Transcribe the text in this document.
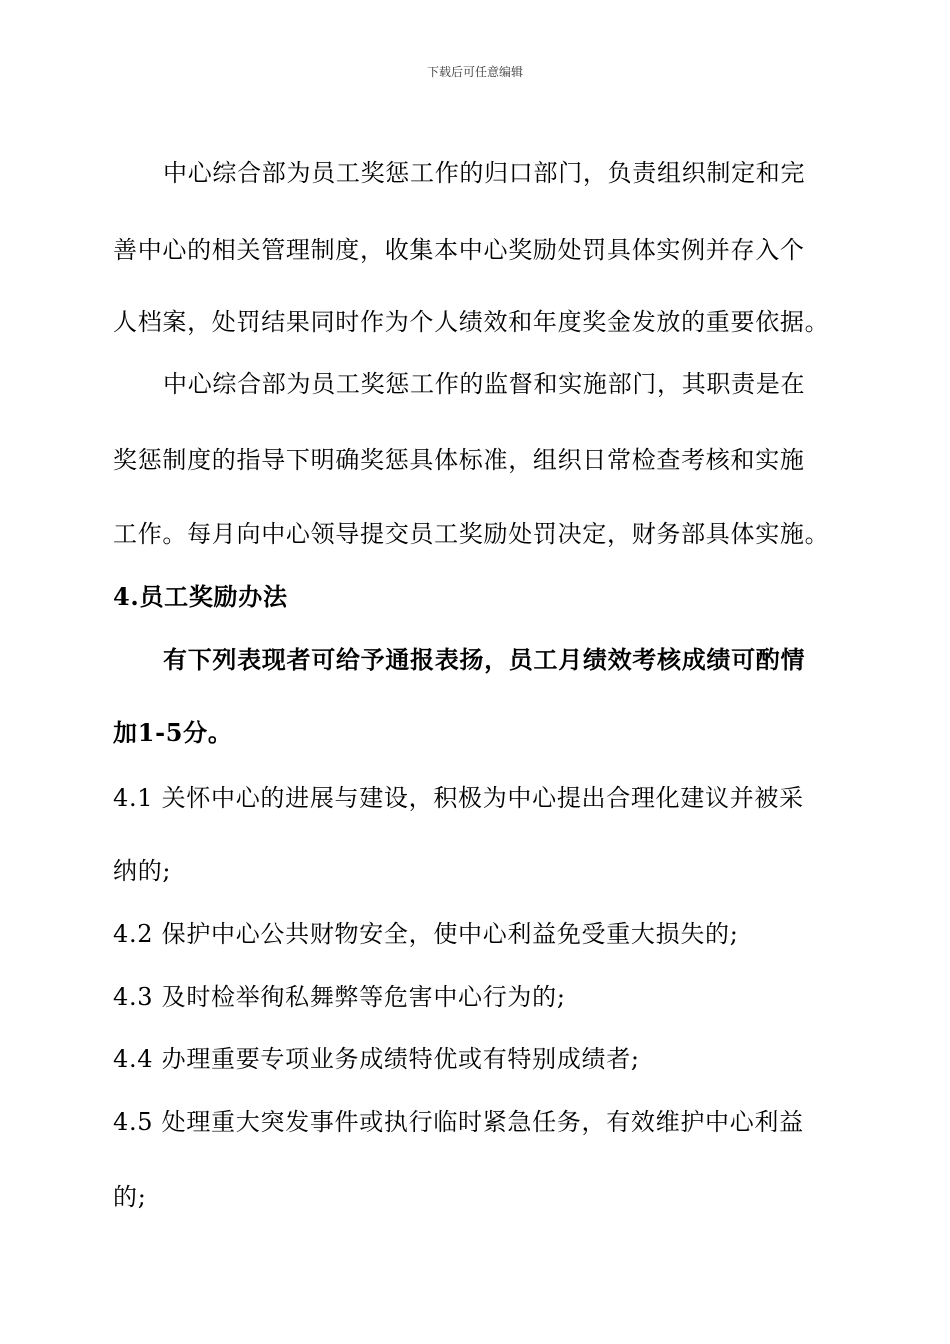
下载后可任意编辑
中心综合部为员工奖惩工作的归口部门，负责组织制定和完
善中心的相关管理制度，收集本中心奖励处罚具体实例并存入个
人档案，处罚结果同时作为个人绩效和年度奖金发放的重要依据。
中心综合部为员工奖惩工作的监督和实施部门，其职责是在
奖惩制度的指导下明确奖惩具体标准，组织日常检查考核和实施
工作。每月向中心领导提交员工奖励处罚决定，财务部具体实施。
4.员工奖励办法
有下列表现者可给予通报表扬，员工月绩效考核成绩可酌情
加1-5分。
4.1 关怀中心的进展与建设，积极为中心提出合理化建议并被采
纳的;
4.2 保护中心公共财物安全，使中心利益免受重大损失的;
4.3 及时检举徇私舞弊等危害中心行为的;
4.4 办理重要专项业务成绩特优或有特别成绩者;
4.5 处理重大突发事件或执行临时紧急任务，有效维护中心利益
的;
